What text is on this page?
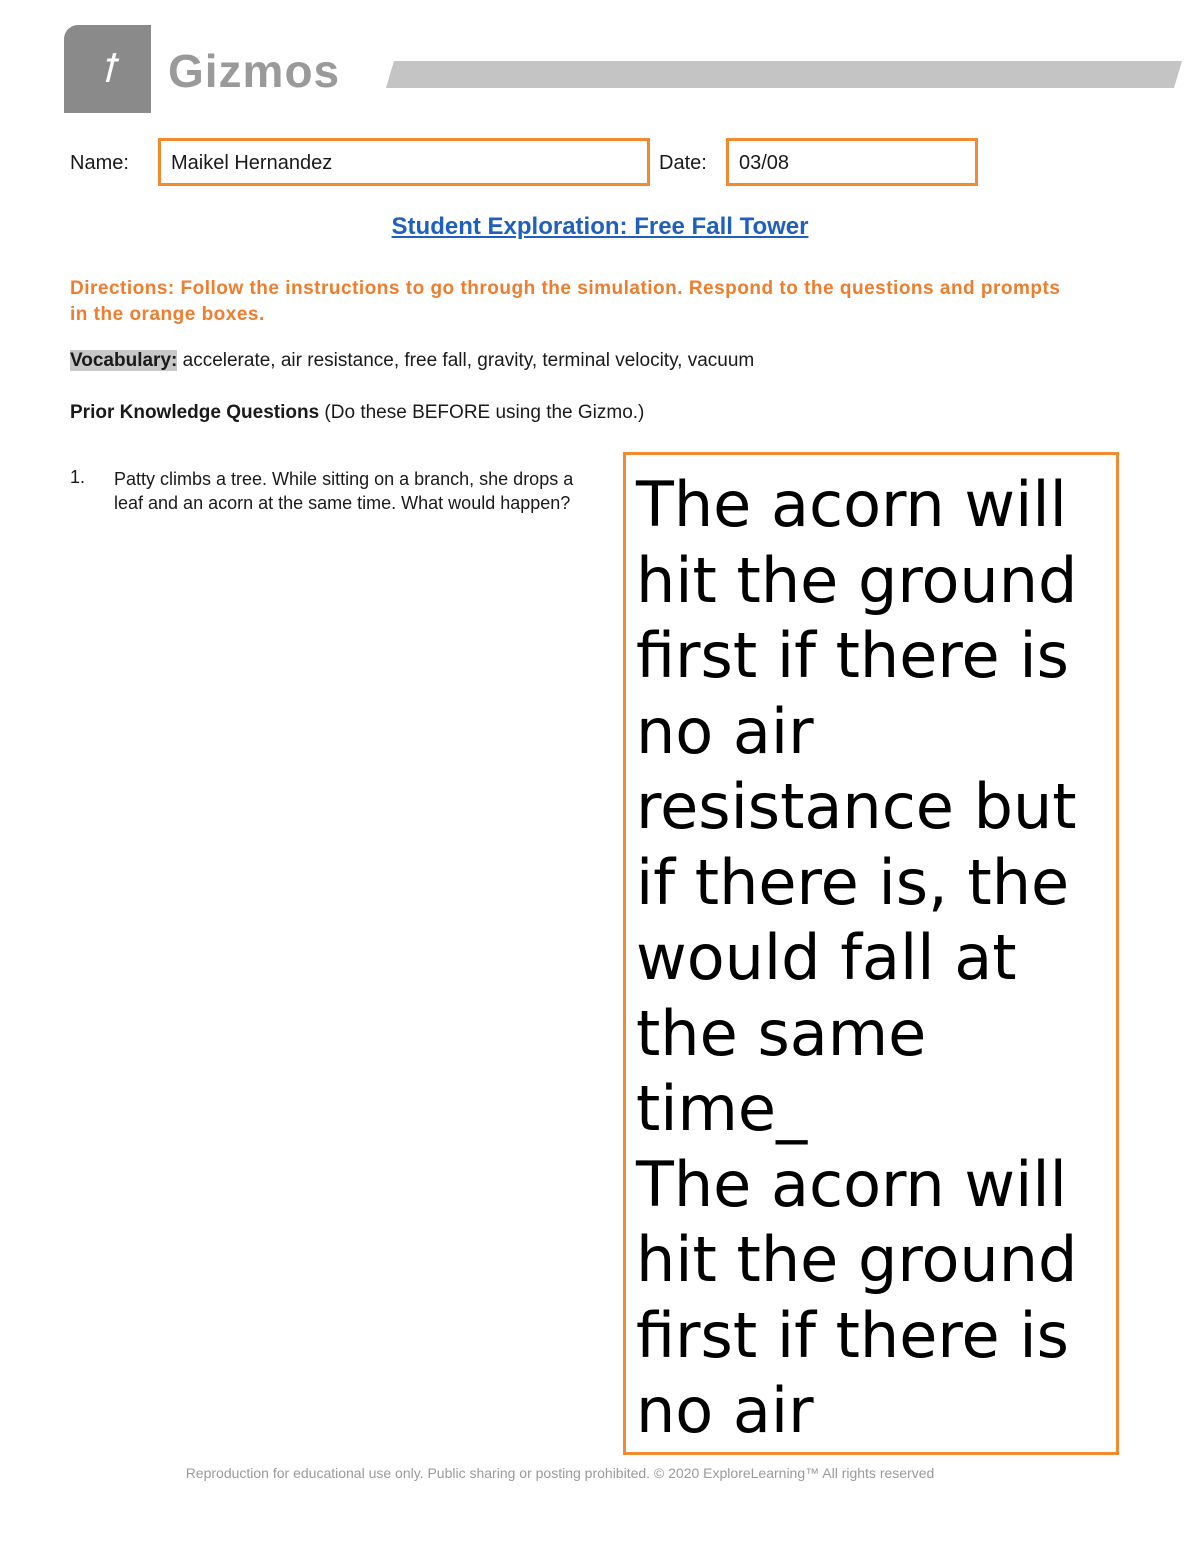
ꝉ	Gizmos
Name:	Maikel Hernandez	Date:	03/08
Student Exploration: Free Fall Tower
Directions: Follow the instructions to go through the simulation. Respond to the questions and prompts in the orange boxes.
Vocabulary: accelerate, air resistance, free fall, gravity, terminal velocity, vacuum
Prior Knowledge Questions (Do these BEFORE using the Gizmo.)
1. Patty climbs a tree. While sitting on a branch, she drops a leaf and an acorn at the same time. What would happen?	The acorn will hit the ground first if there is no air resistance but if there is, the would fall at the same time_
The acorn will hit the ground first if there is no air
Reproduction for educational use only. Public sharing or posting prohibited. © 2020 ExploreLearning™ All rights reserved
